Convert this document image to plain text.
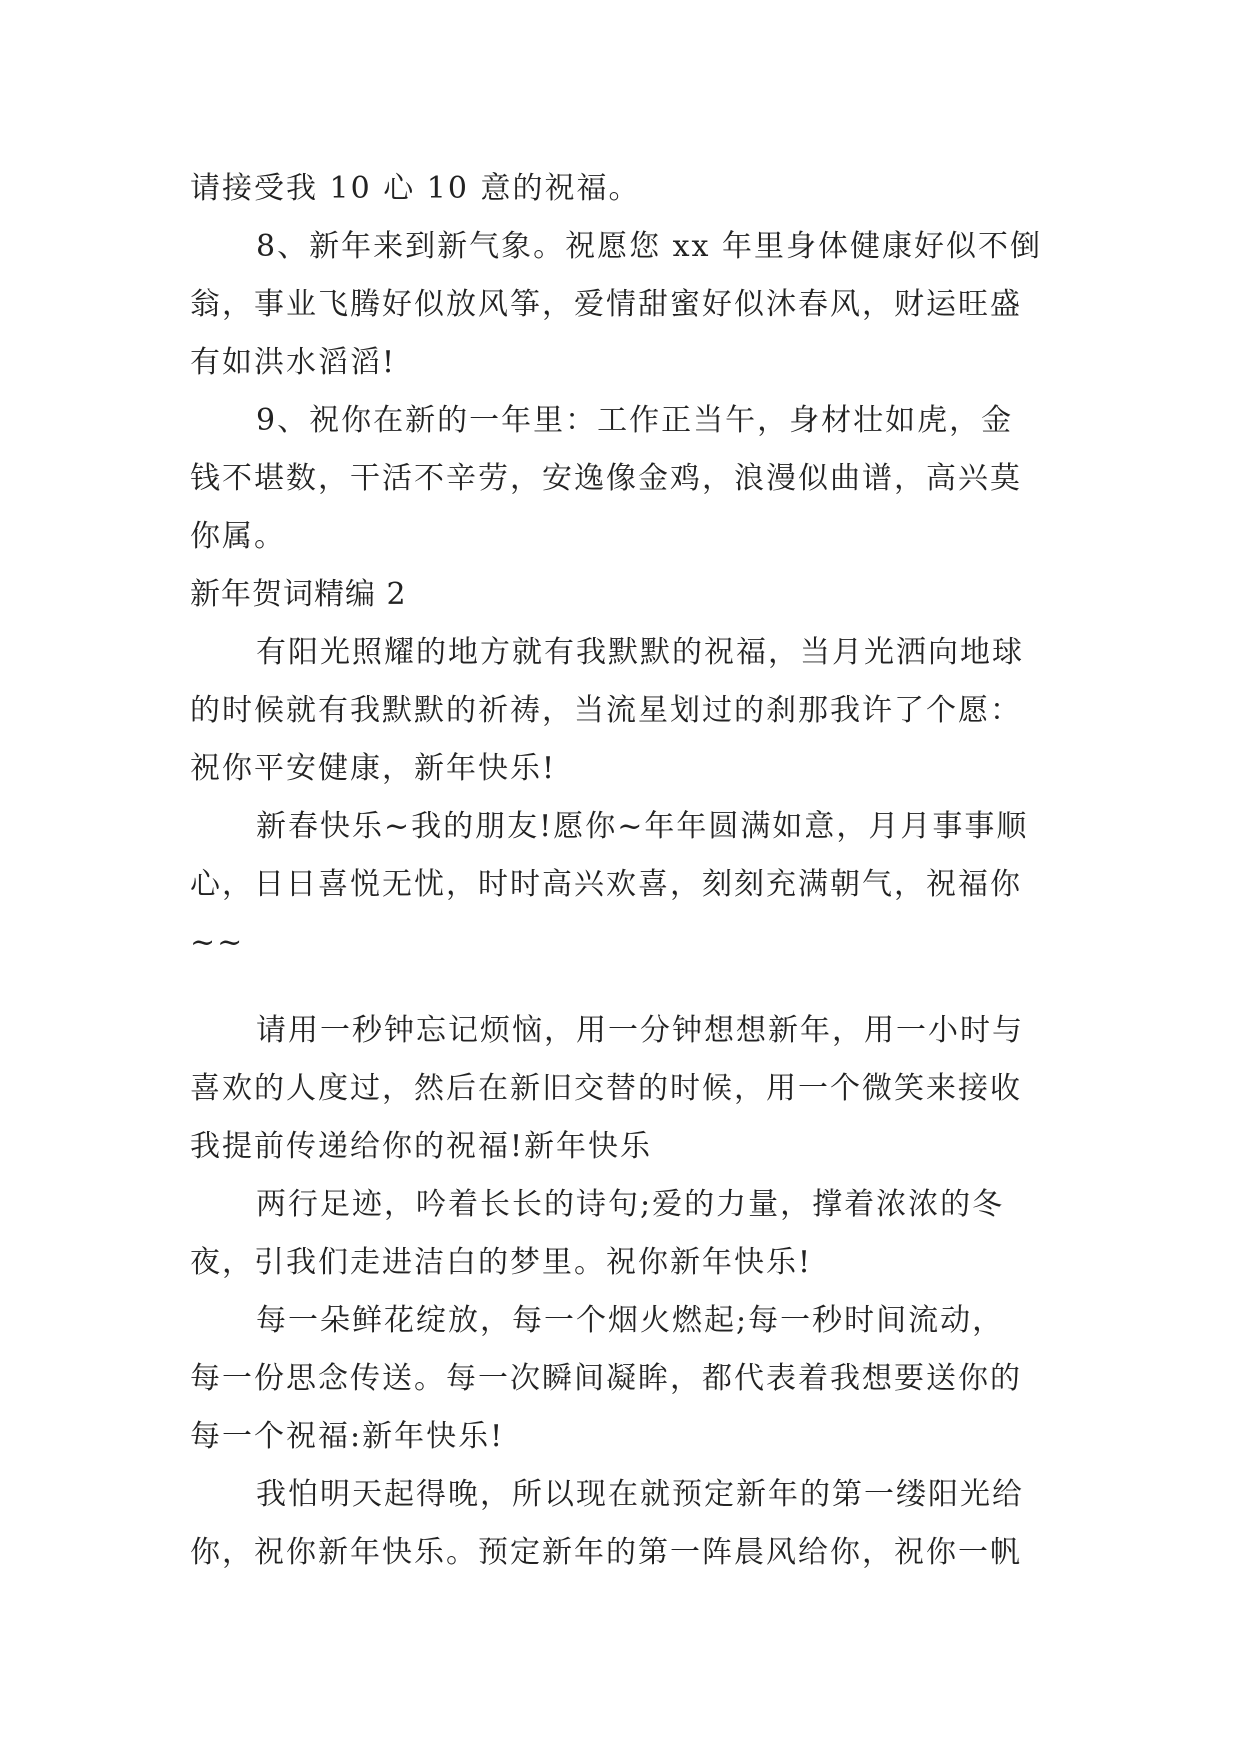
请接受我 10 心 10 意的祝福。
8、新年来到新气象。祝愿您 xx 年里身体健康好似不倒
翁，事业飞腾好似放风筝，爱情甜蜜好似沐春风，财运旺盛
有如洪水滔滔!
9、祝你在新的一年里：工作正当午，身材壮如虎，金
钱不堪数，干活不辛劳，安逸像金鸡，浪漫似曲谱，高兴莫
你属。
新年贺词精编 2
有阳光照耀的地方就有我默默的祝福，当月光洒向地球
的时候就有我默默的祈祷，当流星划过的刹那我许了个愿：
祝你平安健康，新年快乐!
新春快乐~我的朋友!愿你~年年圆满如意，月月事事顺
心，日日喜悦无忧，时时高兴欢喜，刻刻充满朝气，祝福你
~~
请用一秒钟忘记烦恼，用一分钟想想新年，用一小时与
喜欢的人度过，然后在新旧交替的时候，用一个微笑来接收
我提前传递给你的祝福!新年快乐
两行足迹，吟着长长的诗句;爱的力量，撑着浓浓的冬
夜，引我们走进洁白的梦里。祝你新年快乐!
每一朵鲜花绽放，每一个烟火燃起;每一秒时间流动，
每一份思念传送。每一次瞬间凝眸，都代表着我想要送你的
每一个祝福:新年快乐!
我怕明天起得晚，所以现在就预定新年的第一缕阳光给
你，祝你新年快乐。预定新年的第一阵晨风给你，祝你一帆
